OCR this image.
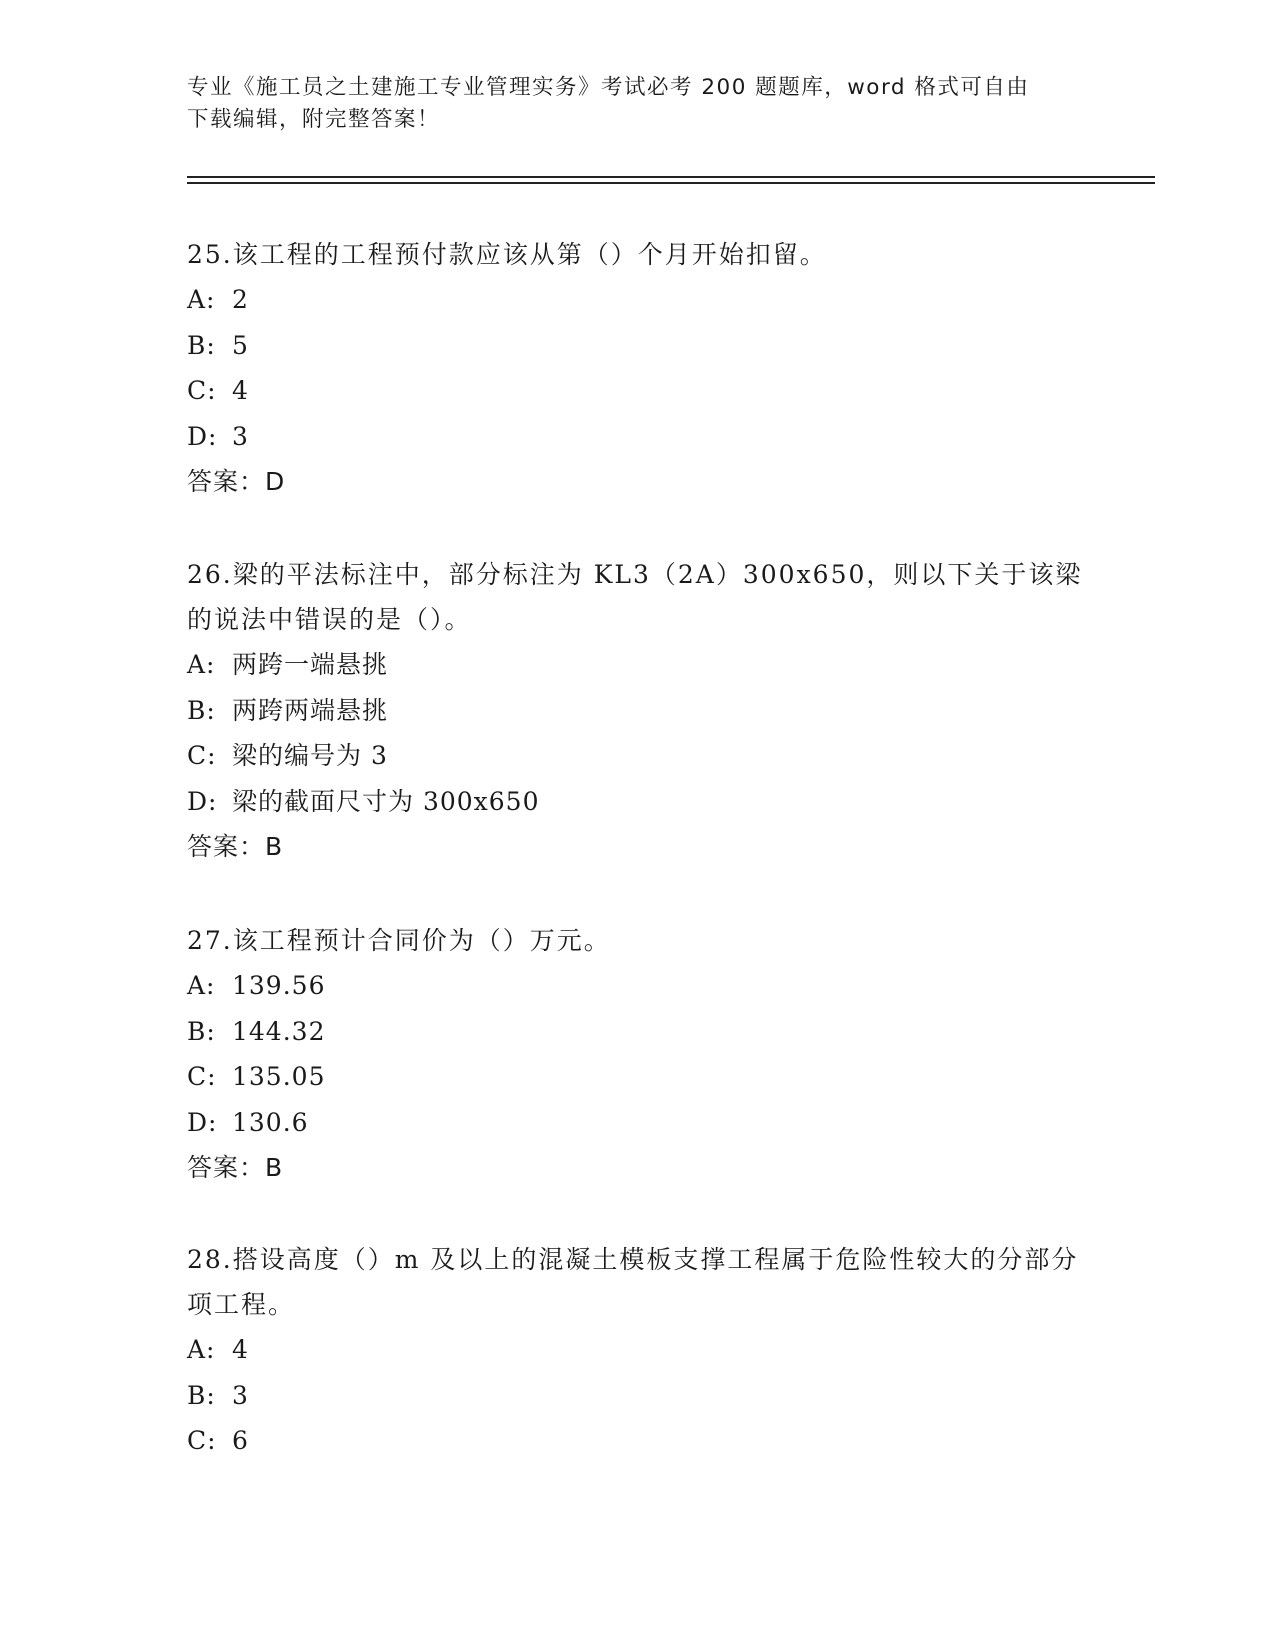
专业《施工员之土建施工专业管理实务》考试必考 200 题题库，word 格式可自由
下载编辑，附完整答案！

25.该工程的工程预付款应该从第（）个月开始扣留。

A: 2

B: 5

C: 4

D: 3

答案：D

26.梁的平法标注中，部分标注为 KL3（2A）300x650，则以下关于该梁的说法中错误的是（）。

A: 两跨一端悬挑

B: 两跨两端悬挑

C: 梁的编号为 3

D: 梁的截面尺寸为 300x650

答案：B

27.该工程预计合同价为（）万元。

A: 139.56

B: 144.32

C: 135.05

D: 130.6

答案：B

28.搭设高度（）m 及以上的混凝土模板支撑工程属于危险性较大的分部分项工程。

A: 4

B: 3

C: 6
